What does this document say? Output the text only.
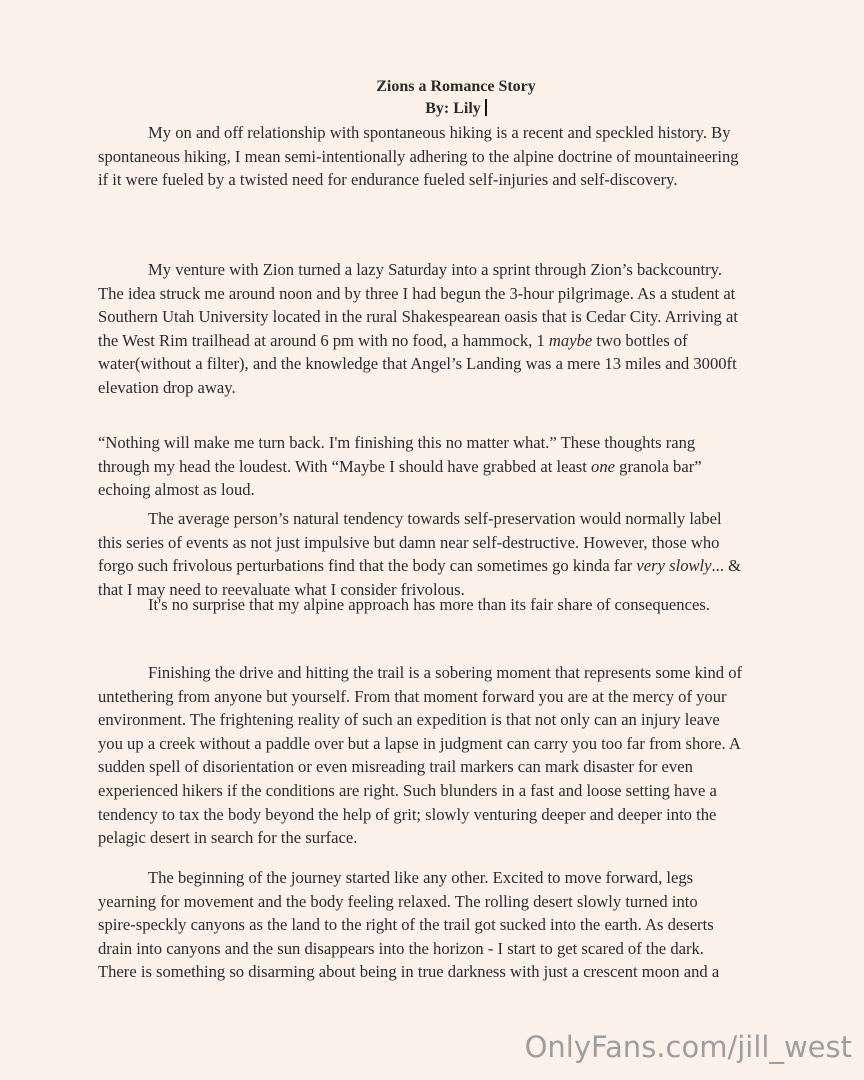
Zions a Romance Story
By: Lily
My on and off relationship with spontaneous hiking is a recent and speckled history. By
spontaneous hiking, I mean semi-intentionally adhering to the alpine doctrine of mountaineering
if it were fueled by a twisted need for endurance fueled self-injuries and self-discovery.
My venture with Zion turned a lazy Saturday into a sprint through Zion’s backcountry.
The idea struck me around noon and by three I had begun the 3-hour pilgrimage. As a student at
Southern Utah University located in the rural Shakespearean oasis that is Cedar City. Arriving at
the West Rim trailhead at around 6 pm with no food, a hammock, 1 maybe two bottles of
water(without a filter), and the knowledge that Angel’s Landing was a mere 13 miles and 3000ft
elevation drop away.
“Nothing will make me turn back. I'm finishing this no matter what.” These thoughts rang
through my head the loudest. With “Maybe I should have grabbed at least one granola bar”
echoing almost as loud.
The average person’s natural tendency towards self-preservation would normally label
this series of events as not just impulsive but damn near self-destructive. However, those who
forgo such frivolous perturbations find that the body can sometimes go kinda far very slowly... &
that I may need to reevaluate what I consider frivolous.
It's no surprise that my alpine approach has more than its fair share of consequences.
Finishing the drive and hitting the trail is a sobering moment that represents some kind of
untethering from anyone but yourself. From that moment forward you are at the mercy of your
environment. The frightening reality of such an expedition is that not only can an injury leave
you up a creek without a paddle over but a lapse in judgment can carry you too far from shore. A
sudden spell of disorientation or even misreading trail markers can mark disaster for even
experienced hikers if the conditions are right. Such blunders in a fast and loose setting have a
tendency to tax the body beyond the help of grit; slowly venturing deeper and deeper into the
pelagic desert in search for the surface.
The beginning of the journey started like any other. Excited to move forward, legs
yearning for movement and the body feeling relaxed. The rolling desert slowly turned into
spire-speckly canyons as the land to the right of the trail got sucked into the earth. As deserts
drain into canyons and the sun disappears into the horizon - I start to get scared of the dark.
There is something so disarming about being in true darkness with just a crescent moon and a
OnlyFans.com/jill_west
